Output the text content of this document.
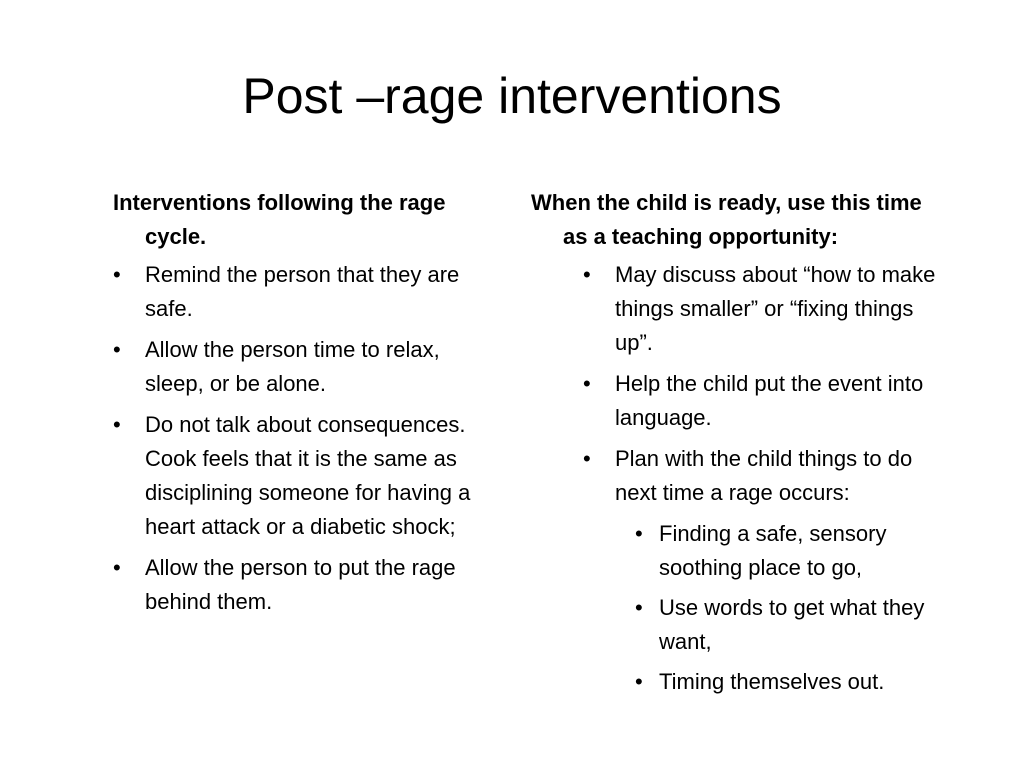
Post –rage interventions

Interventions following the rage cycle.

•	Remind the person that they are safe.
•	Allow the person time to relax, sleep, or be alone.
•	Do not talk about consequences. Cook feels that it is the same as disciplining someone for having a heart attack or a diabetic shock;
•	Allow the person to put the rage behind them.

When the child is ready, use this time as a teaching opportunity:

•	May discuss about “how to make things smaller” or “fixing things up”.
•	Help the child put the event into language.
•	Plan with the child things to do next time a rage occurs:
• Finding a safe, sensory soothing place to go,
• Use words to get what they want,
• Timing themselves out.
